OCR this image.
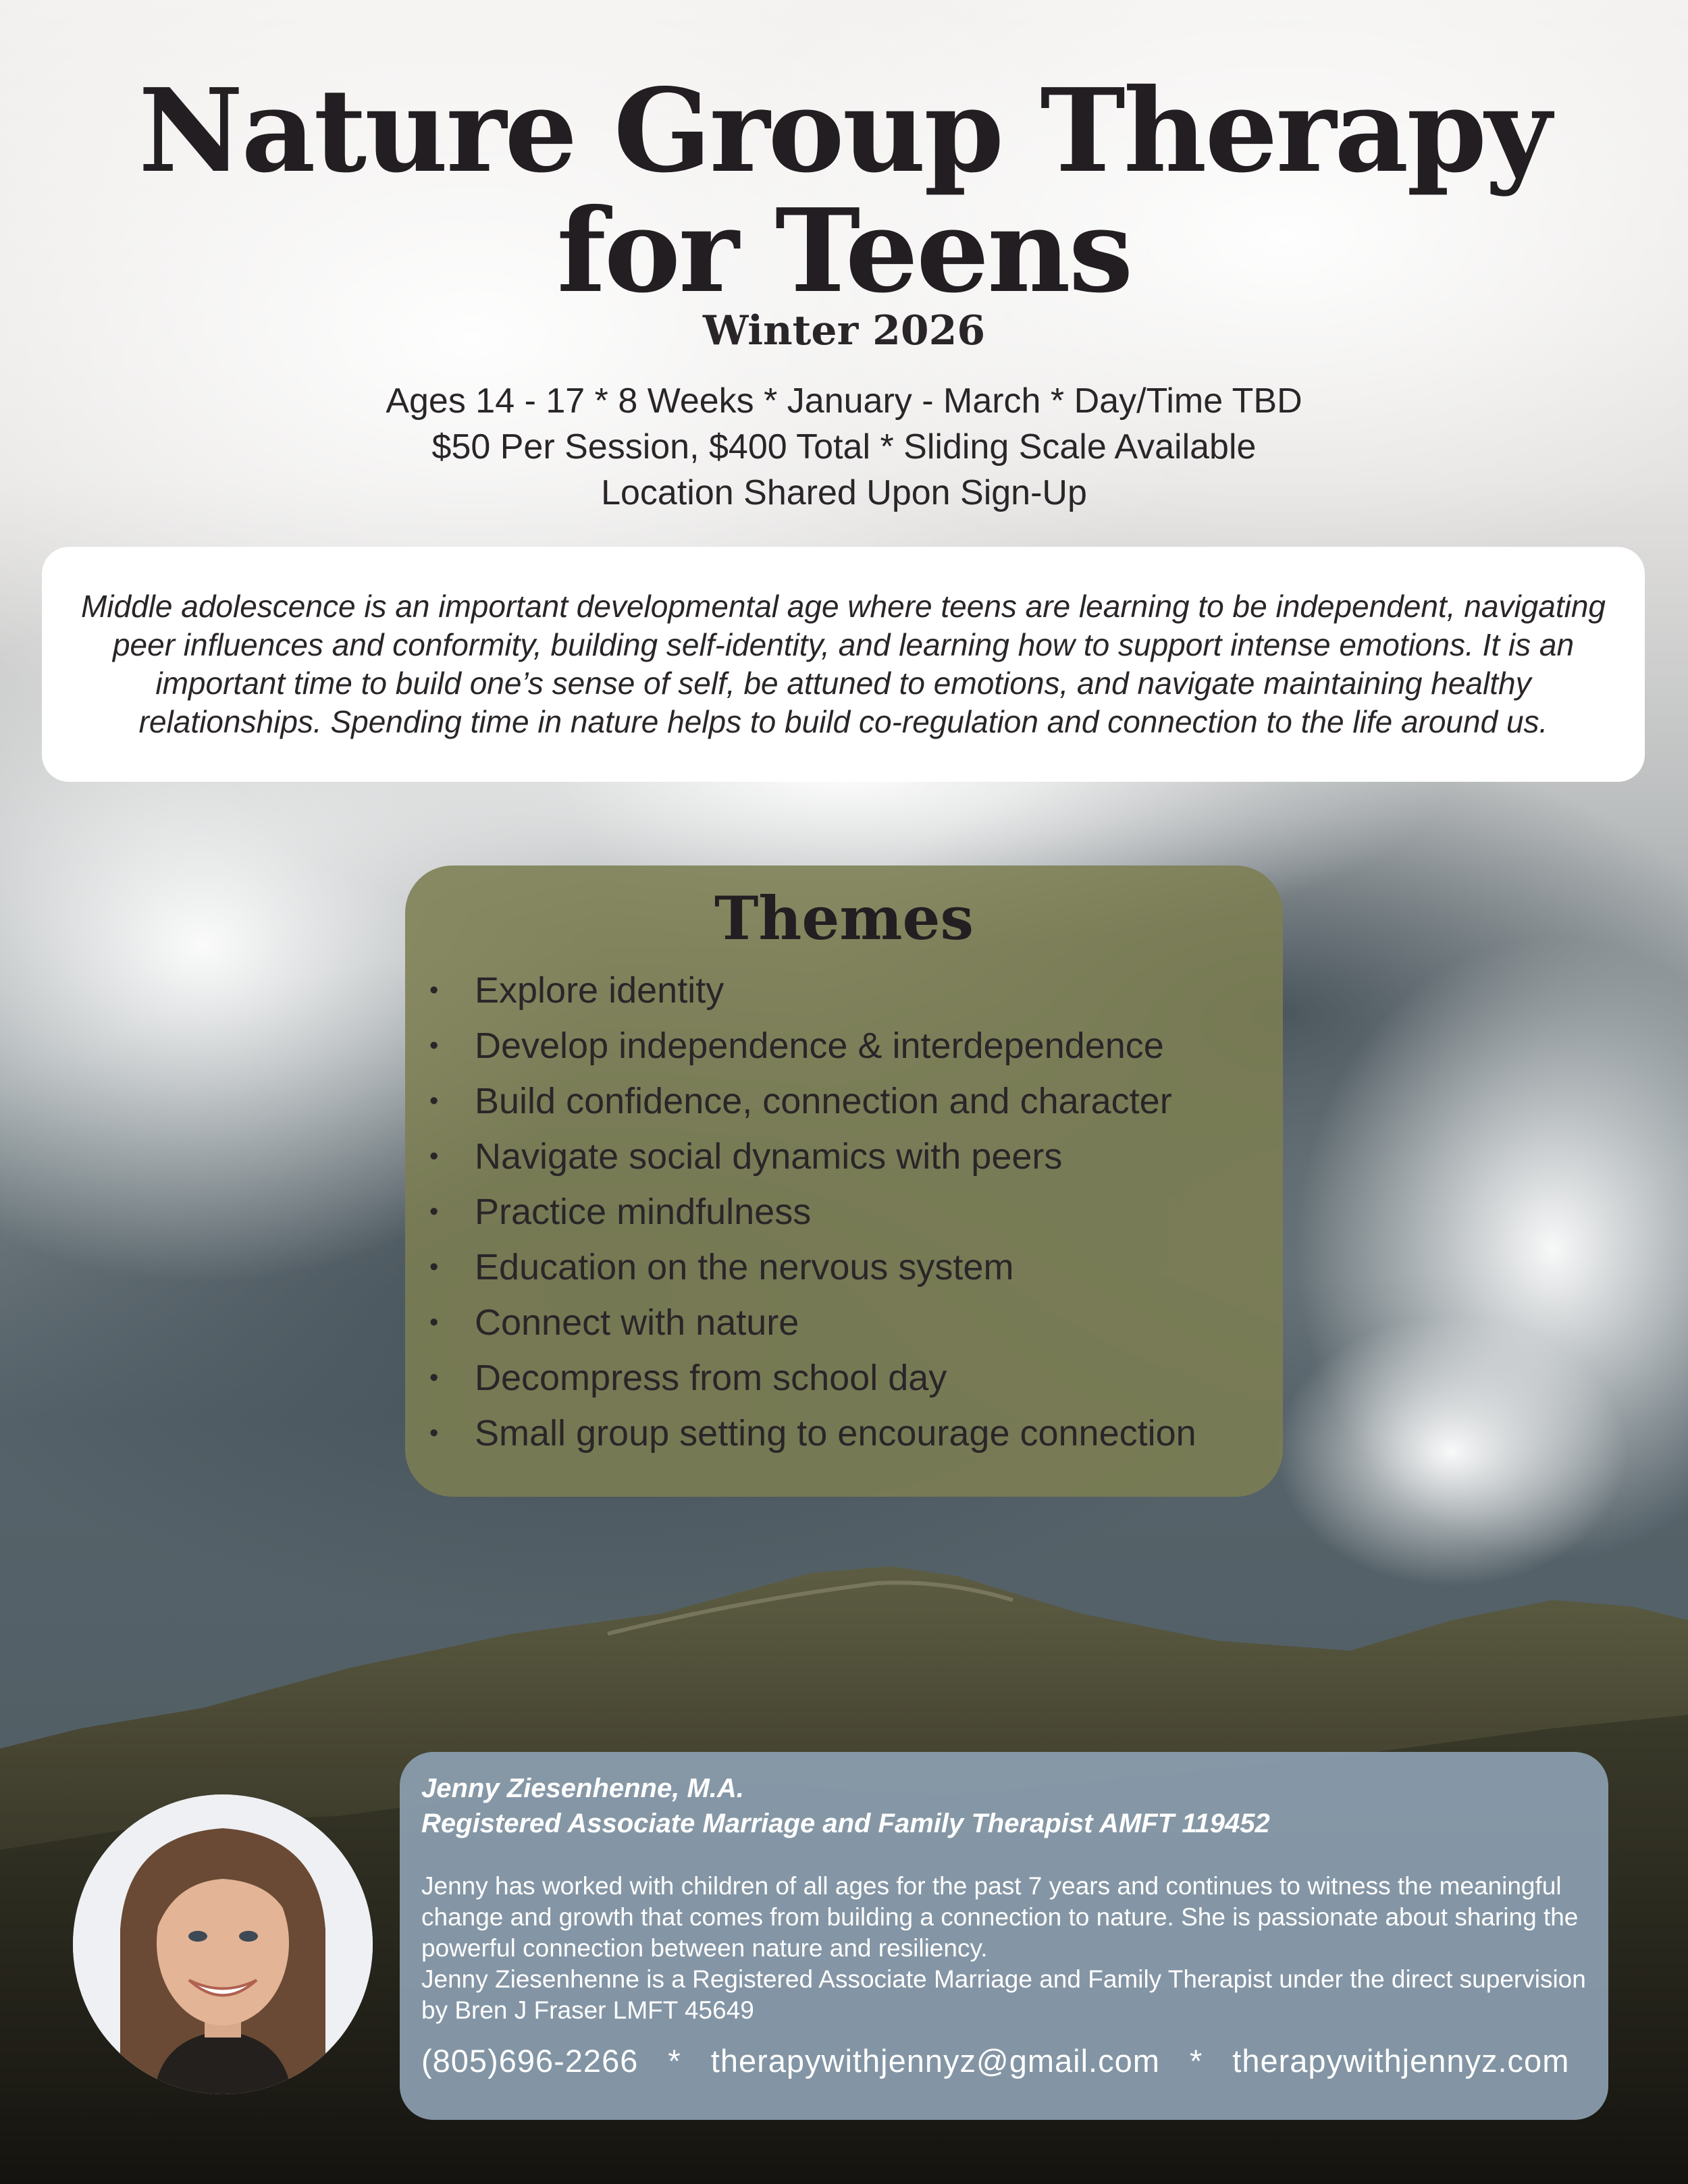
Nature Group Therapy
for Teens
Winter 2026
Ages 14 - 17 * 8 Weeks * January - March * Day/Time TBD
$50 Per Session, $400 Total * Sliding Scale Available
Location Shared Upon Sign-Up

Middle adolescence is an important developmental age where teens are learning to be independent, navigating peer influences and conformity, building self-identity, and learning how to support intense emotions. It is an important time to build one’s sense of self, be attuned to emotions, and navigate maintaining healthy relationships. Spending time in nature helps to build co-regulation and connection to the life around us.

Themes
• Explore identity
• Develop independence & interdependence
• Build confidence, connection and character
• Navigate social dynamics with peers
• Practice mindfulness
• Education on the nervous system
• Connect with nature
• Decompress from school day
• Small group setting to encourage connection
Jenny Ziesenhenne, M.A.
Registered Associate Marriage and Family Therapist AMFT 119452

Jenny has worked with children of all ages for the past 7 years and continues to witness the meaningful change and growth that comes from building a connection to nature. She is passionate about sharing the powerful connection between nature and resiliency.

Jenny Ziesenhenne is a Registered Associate Marriage and Family Therapist under the direct supervision by Bren J Fraser LMFT 45649

(805)696-2266 * therapywithjennyz@gmail.com * therapywithjennyz.com
